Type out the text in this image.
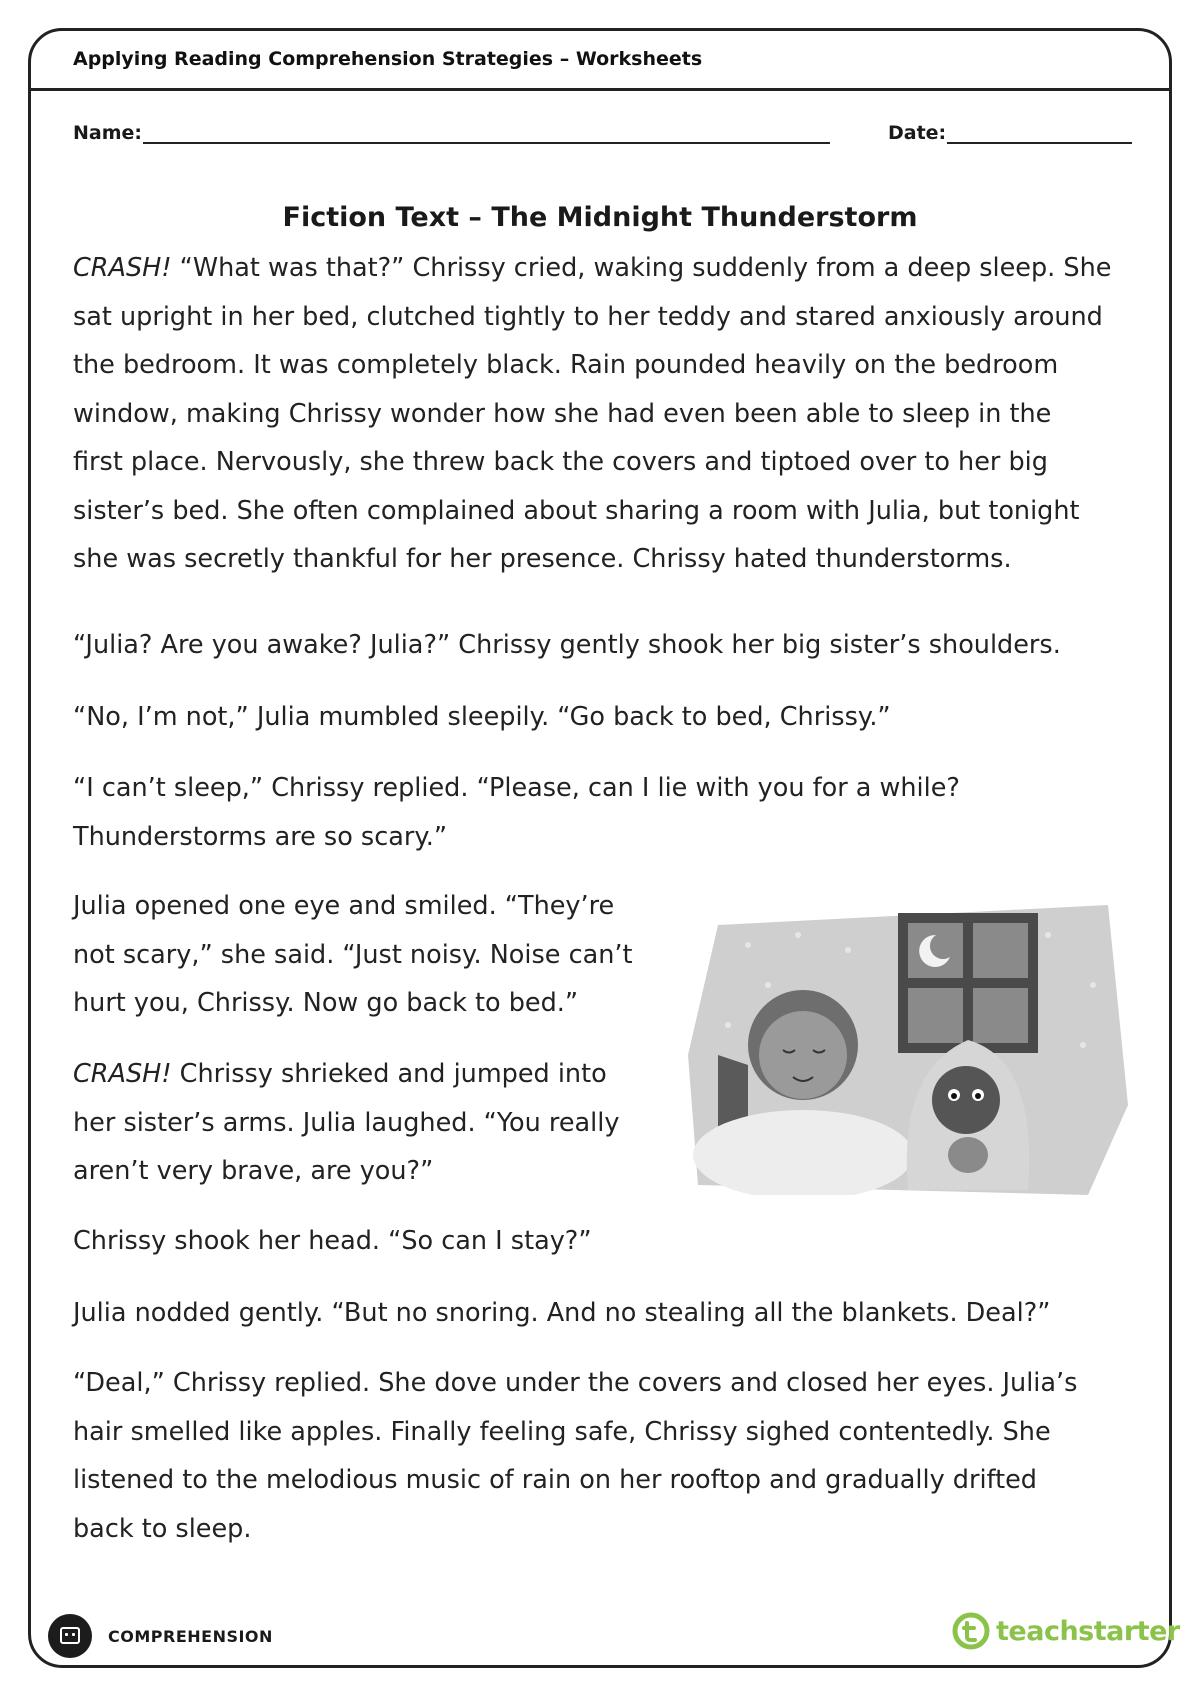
Applying Reading Comprehension Strategies – Worksheets
Name:	Date:
Fiction Text – The Midnight Thunderstorm

CRASH! “What was that?” Chrissy cried, waking suddenly from a deep sleep. She
sat upright in her bed, clutched tightly to her teddy and stared anxiously around
the bedroom. It was completely black. Rain pounded heavily on the bedroom
window, making Chrissy wonder how she had even been able to sleep in the
first place. Nervously, she threw back the covers and tiptoed over to her big
sister’s bed. She often complained about sharing a room with Julia, but tonight
she was secretly thankful for her presence. Chrissy hated thunderstorms.

“Julia? Are you awake? Julia?” Chrissy gently shook her big sister’s shoulders.

“No, I’m not,” Julia mumbled sleepily. “Go back to bed, Chrissy.”

“I can’t sleep,” Chrissy replied. “Please, can I lie with you for a while?
Thunderstorms are so scary.”

Julia opened one eye and smiled. “They’re
not scary,” she said. “Just noisy. Noise can’t
hurt you, Chrissy. Now go back to bed.”

CRASH! Chrissy shrieked and jumped into
her sister’s arms. Julia laughed. “You really
aren’t very brave, are you?”

Chrissy shook her head. “So can I stay?”

Julia nodded gently. “But no snoring. And no stealing all the blankets. Deal?”

“Deal,” Chrissy replied. She dove under the covers and closed her eyes. Julia’s
hair smelled like apples. Finally feeling safe, Chrissy sighed contentedly. She
listened to the melodious music of rain on her rooftop and gradually drifted
back to sleep.

COMPREHENSION	teachstarter
